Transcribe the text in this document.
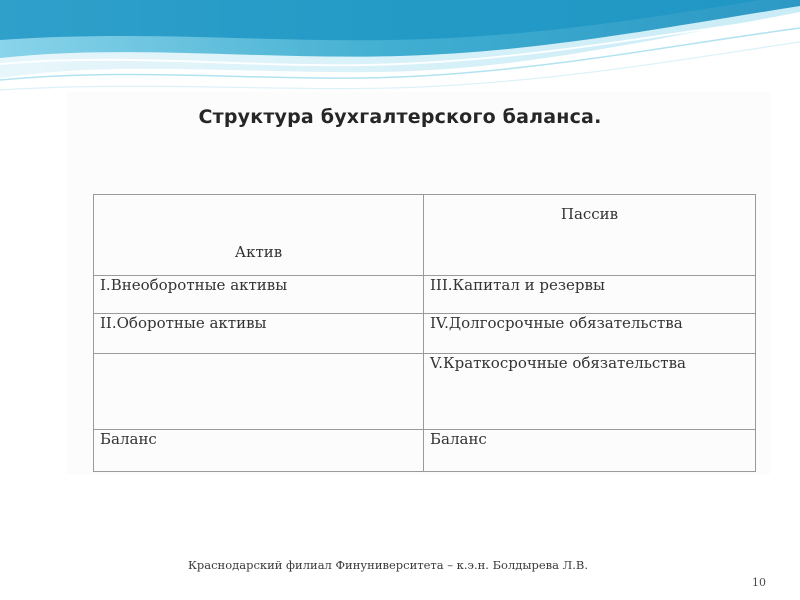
Структура бухгалтерского баланса.
Актив	Пассив
I.Внеоборотные активы	III.Капитал и резервы
II.Оборотные активы	IV.Долгосрочные обязательства
	V.Краткосрочные обязательства
Баланс	Баланс
Краснодарский филиал Финуниверситета – к.э.н. Болдырева Л.В.
10
